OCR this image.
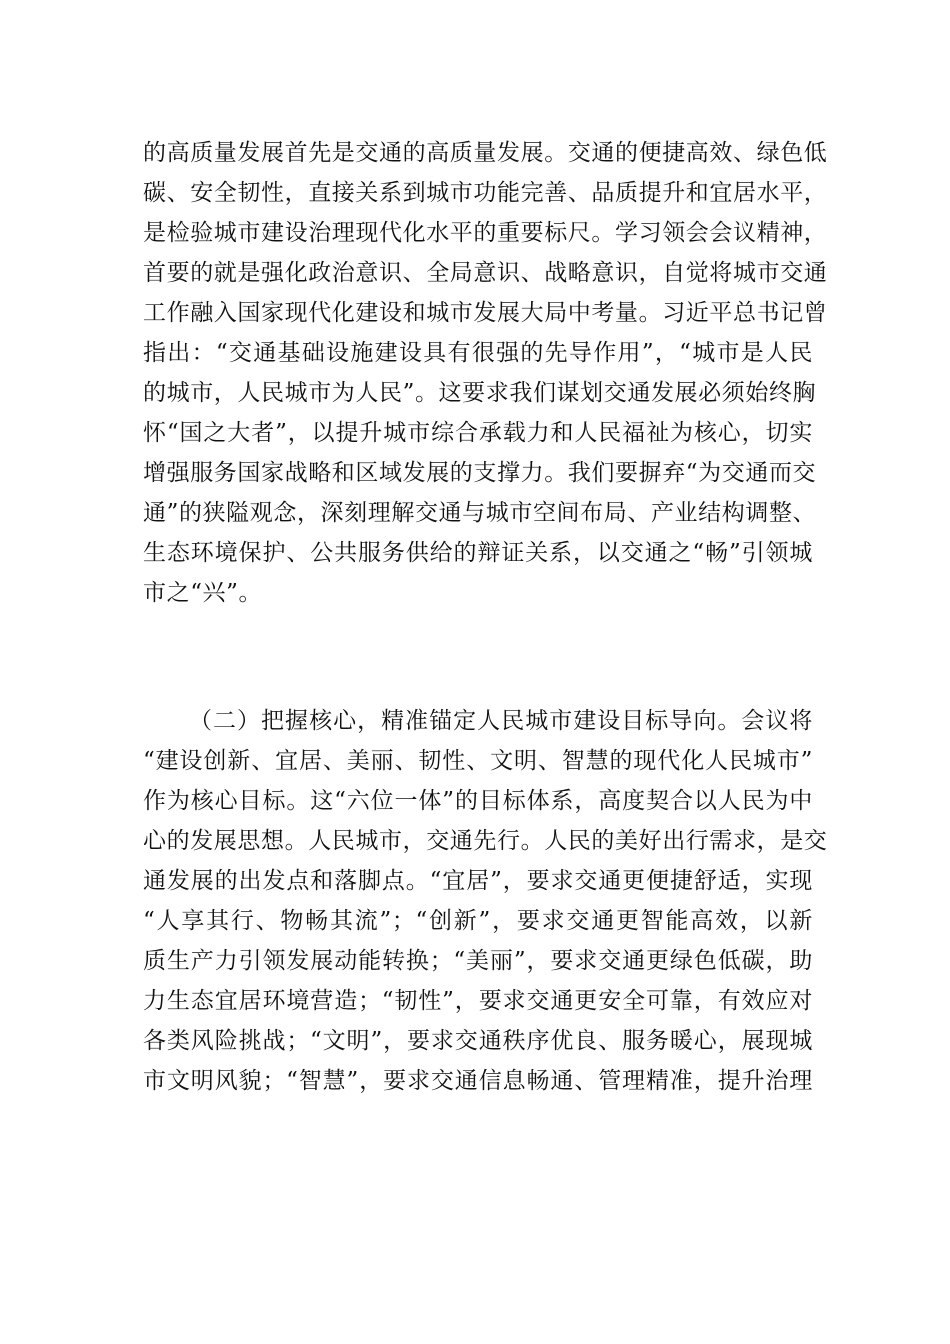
的高质量发展首先是交通的高质量发展。交通的便捷高效、绿色低
碳、安全韧性，直接关系到城市功能完善、品质提升和宜居水平，
是检验城市建设治理现代化水平的重要标尺。学习领会会议精神，
首要的就是强化政治意识、全局意识、战略意识，自觉将城市交通
工作融入国家现代化建设和城市发展大局中考量。习近平总书记曾
指出：“交通基础设施建设具有很强的先导作用”，“城市是人民
的城市，人民城市为人民”。这要求我们谋划交通发展必须始终胸
怀“国之大者”，以提升城市综合承载力和人民福祉为核心，切实
增强服务国家战略和区域发展的支撑力。我们要摒弃“为交通而交
通”的狭隘观念，深刻理解交通与城市空间布局、产业结构调整、
生态环境保护、公共服务供给的辩证关系，以交通之“畅”引领城
市之“兴”。
（二）把握核心，精准锚定人民城市建设目标导向。会议将
“建设创新、宜居、美丽、韧性、文明、智慧的现代化人民城市”
作为核心目标。这“六位一体”的目标体系，高度契合以人民为中
心的发展思想。人民城市，交通先行。人民的美好出行需求，是交
通发展的出发点和落脚点。“宜居”，要求交通更便捷舒适，实现
“人享其行、物畅其流”；“创新”，要求交通更智能高效，以新
质生产力引领发展动能转换；“美丽”，要求交通更绿色低碳，助
力生态宜居环境营造；“韧性”，要求交通更安全可靠，有效应对
各类风险挑战；“文明”，要求交通秩序优良、服务暖心，展现城
市文明风貌；“智慧”，要求交通信息畅通、管理精准，提升治理
